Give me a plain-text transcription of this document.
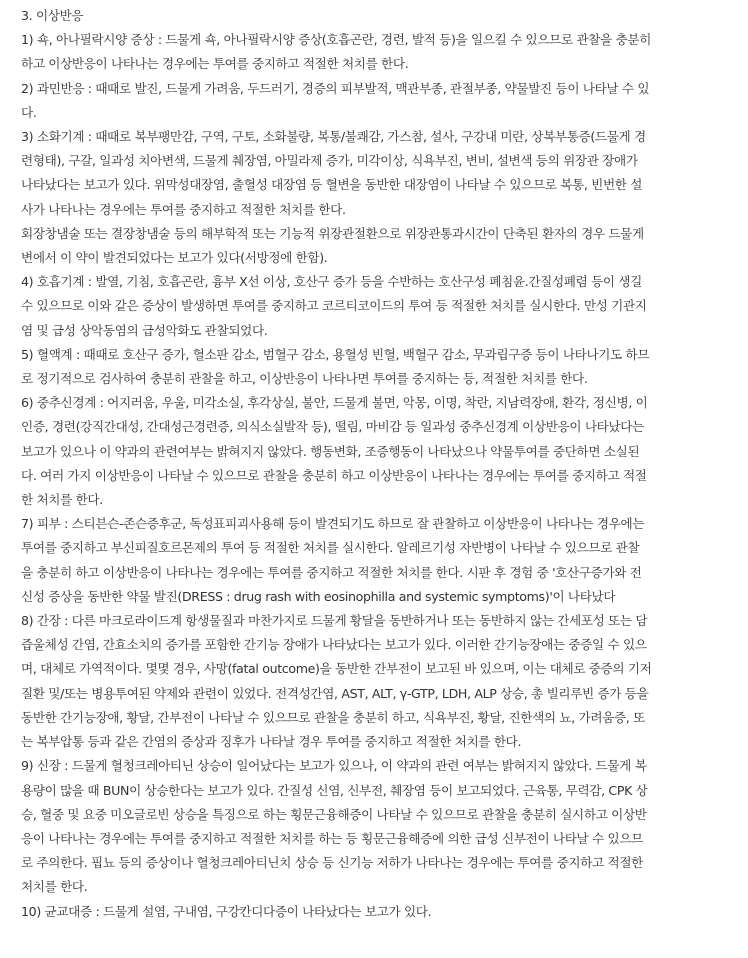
3. 이상반응

1) 쇽, 아나필락시양 증상 : 드물게 쇽, 아나필락시양 증상(호흡곤란, 경련, 발적 등)을 일으킬 수 있으므로 관찰을 충분히

하고 이상반응이 나타나는 경우에는 투여를 중지하고 적절한 처치를 한다.

2) 과민반응 : 때때로 발진, 드물게 가려움, 두드러기, 경증의 피부발적, 맥관부종, 관절부종, 약물발진 등이 나타날 수 있

다.

3) 소화기계 : 때때로 복부팽만감, 구역, 구토, 소화불량, 복통/불쾌감, 가스참, 설사, 구강내 미란, 상복부통증(드물게 경

련형태), 구갈, 일과성 치아변색, 드물게 췌장염, 아밀라제 증가, 미각이상, 식욕부진, 변비, 설변색 등의 위장관 장애가

나타났다는 보고가 있다. 위막성대장염, 출혈성 대장염 등 혈변을 동반한 대장염이 나타날 수 있으므로 복통, 빈번한 설

사가 나타나는 경우에는 투여를 중지하고 적절한 처치를 한다.

회장창냄술 또는 결장창냄술 등의 해부학적 또는 기능적 위장관절환으로 위장관통과시간이 단축된 환자의 경우 드물게

변에서 이 약이 발견되었다는 보고가 있다(서방정에 한함).

4) 호흡기계 : 발열, 기침, 호흡곤란, 흉부 X선 이상, 호산구 증가 등을 수반하는 호산구성 폐침윤.간질성폐렴 등이 생길

수 있으므로 이와 같은 증상이 발생하면 투여를 중지하고 코르티코이드의 투여 등 적절한 처치를 실시한다. 만성 기관지

염 및 급성 상악동염의 급성악화도 관찰되었다.

5) 혈액계 : 때때로 호산구 증가, 혈소판 감소, 범혈구 감소, 용혈성 빈혈, 백혈구 감소, 무과립구증 등이 나타나기도 하므

로 정기적으로 검사하여 충분히 관찰을 하고, 이상반응이 나타나면 투여를 중지하는 등, 적절한 처치를 한다.

6) 중추신경계 : 어지러움, 우울, 미각소실, 후각상실, 불안, 드물게 불면, 악몽, 이명, 착란, 지남력장애, 환각, 정신병, 이

인증, 경련(강직간대성, 간대성근경련증, 의식소실발작 등), 떨림, 마비감 등 일과성 중추신경계 이상반응이 나타났다는

보고가 있으나 이 약과의 관련여부는 밝혀지지 않았다. 행동변화, 조증행동이 나타났으나 약물투여를 중단하면 소실된

다. 여러 가지 이상반응이 나타날 수 있으므로 관찰을 충분히 하고 이상반응이 나타나는 경우에는 투여를 중지하고 적절

한 처치를 한다.

7) 피부 : 스티븐슨-존슨증후군, 독성표피괴사용해 등이 발견되기도 하므로 잘 관찰하고 이상반응이 나타나는 경우에는

투여를 중지하고 부신피질호르몬제의 투여 등 적절한 처치를 실시한다. 알레르기성 자반병이 나타날 수 있으므로 관찰

을 충분히 하고 이상반응이 나타나는 경우에는 투여를 중지하고 적절한 처치를 한다. 시판 후 경험 중 '호산구증가와 전

신성 증상을 동반한 약물 발진(DRESS : drug rash with eosinophilla and systemic symptoms)'이 나타났다

8) 간장 : 다른 마크로라이드계 항생물질과 마찬가지로 드물게 황달을 동반하거나 또는 동반하지 않는 간세포성 또는 담

즙울체성 간염, 간효소치의 증가를 포함한 간기능 장애가 나타났다는 보고가 있다. 이러한 간기능장애는 중증일 수 있으

며, 대체로 가역적이다. 몇몇 경우, 사망(fatal outcome)을 동반한 간부전이 보고된 바 있으며, 이는 대체로 중증의 기저

질환 및/또는 병용투여된 약제와 관련이 있었다. 전격성간염, AST, ALT, γ-GTP, LDH, ALP 상승, 총 빌리루빈 증가 등을

동반한 간기능장애, 황달, 간부전이 나타날 수 있으므로 관찰을 충분히 하고, 식욕부진, 황달, 진한색의 뇨, 가려움증, 또

는 복부압통 등과 같은 간염의 증상과 징후가 나타날 경우 투여를 중지하고 적절한 처치를 한다.

9) 신장 : 드물게 혈청크레아티닌 상승이 일어났다는 보고가 있으나, 이 약과의 관련 여부는 밝혀지지 않았다. 드물게 복

용량이 많을 때 BUN이 상승한다는 보고가 있다. 간질성 신염, 신부전, 췌장염 등이 보고되었다. 근육통, 무력감, CPK 상

승, 혈중 및 요중 미오글로빈 상승을 특징으로 하는 횡문근융해증이 나타날 수 있으므로 관찰을 충분히 실시하고 이상반

응이 나타나는 경우에는 투여를 중지하고 적절한 처치를 하는 등 횡문근융해증에 의한 급성 신부전이 나타날 수 있으므

로 주의한다. 핍뇨 등의 증상이나 혈청크레아티닌치 상승 등 신기능 저하가 나타나는 경우에는 투여를 중지하고 적절한

처치를 한다.

10) 균교대증 : 드물게 설염, 구내염, 구강칸디다증이 나타났다는 보고가 있다.
